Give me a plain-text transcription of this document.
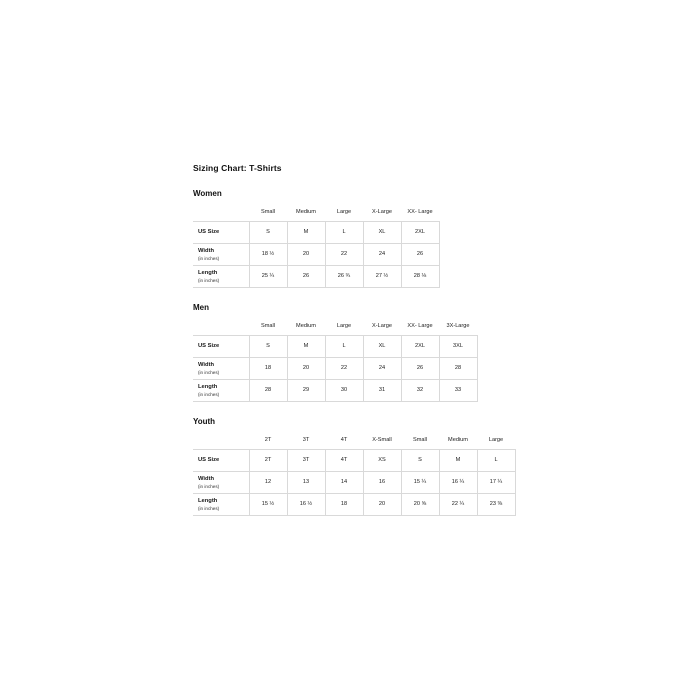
Sizing Chart: T-Shirts
Women
	Small	Medium	Large	X-Large	XX- Large
US Size	S	M	L	XL	2XL
Width
(in inches)	18 ½	20	22	24	26
Length
(in inches)	25 ¼	26	26 ¾	27 ½	28 ⅛
Men
	Small	Medium	Large	X-Large	XX- Large	3X-Large
US Size	S	M	L	XL	2XL	3XL
Width
(in inches)	18	20	22	24	26	28
Length
(in inches)	28	29	30	31	32	33
Youth
	2T	3T	4T	X-Small	Small	Medium	Large
US Size	2T	3T	4T	XS	S	M	L
Width
(in inches)	12	13	14	16	15 ¼	16 ¼	17 ¼
Length
(in inches)	15 ½	16 ½	18	20	20 ⅝	22 ¼	23 ⅜
